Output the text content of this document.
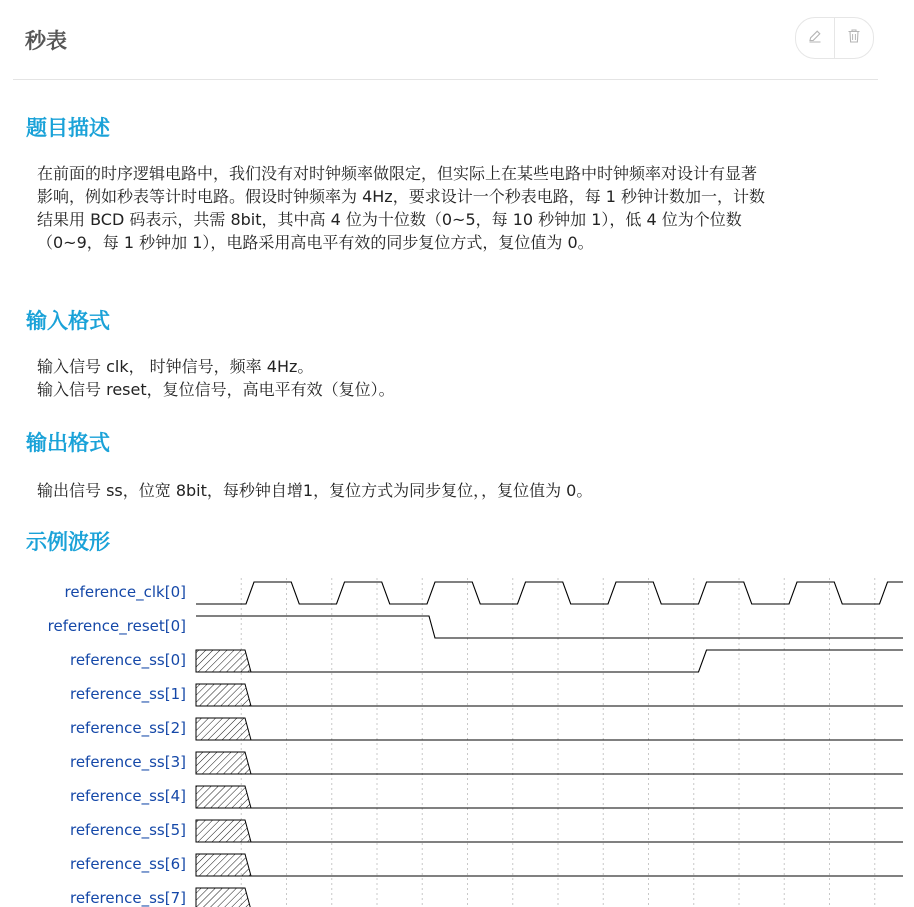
秒表
题目描述
在前面的时序逻辑电路中，我们没有对时钟频率做限定，但实际上在某些电路中时钟频率对设计有显著
影响，例如秒表等计时电路。假设时钟频率为 4Hz，要求设计一个秒表电路，每 1 秒钟计数加一，计数
结果用 BCD 码表示，共需 8bit，其中高 4 位为十位数（0~5，每 10 秒钟加 1），低 4 位为个位数
（0~9，每 1 秒钟加 1），电路采用高电平有效的同步复位方式，复位值为 0。
输入格式
输入信号 clk， 时钟信号，频率 4Hz。
输入信号 reset，复位信号，高电平有效（复位）。
输出格式
输出信号 ss，位宽 8bit，每秒钟自增1，复位方式为同步复位，，复位值为 0。
示例波形
reference_clk[0]
reference_reset[0]
reference_ss[0]
reference_ss[1]
reference_ss[2]
reference_ss[3]
reference_ss[4]
reference_ss[5]
reference_ss[6]
reference_ss[7]
